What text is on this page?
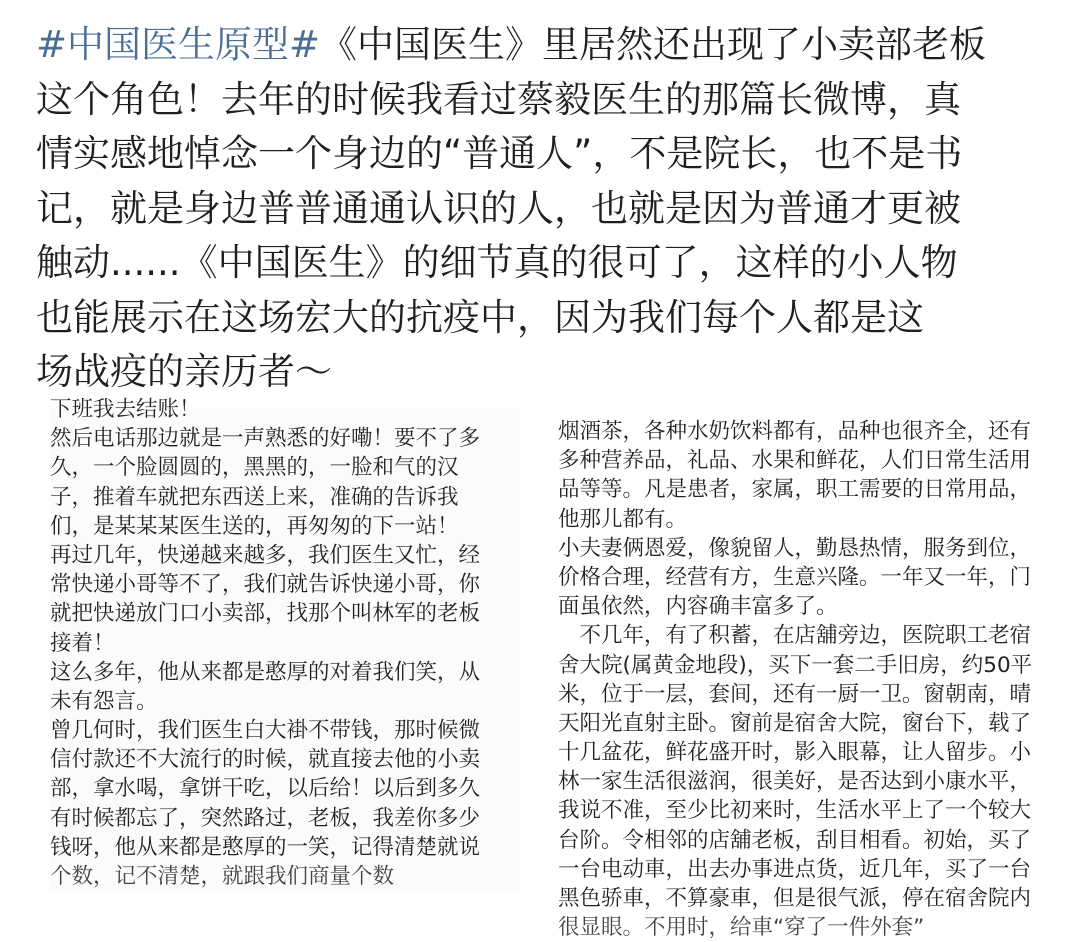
#中国医生原型#《中国医生》里居然还出现了小卖部老板
这个角色！去年的时候我看过蔡毅医生的那篇长微博，真
情实感地悼念一个身边的“普通人”，不是院长，也不是书
记，就是身边普普通通认识的人，也就是因为普通才更被
触动......《中国医生》的细节真的很可了，这样的小人物
也能展示在这场宏大的抗疫中，因为我们每个人都是这
场战疫的亲历者～
下班我去结账！
然后电话那边就是一声熟悉的好嘞！要不了多
久，一个脸圆圆的，黑黑的，一脸和气的汉
子，推着车就把东西送上来，准确的告诉我
们，是某某某医生送的，再匆匆的下一站！
再过几年，快递越来越多，我们医生又忙，经
常快递小哥等不了，我们就告诉快递小哥，你
就把快递放门口小卖部，找那个叫林军的老板
接着！
这么多年，他从来都是憨厚的对着我们笑，从
未有怨言。
曾几何时，我们医生白大褂不带钱，那时候微
信付款还不大流行的时候，就直接去他的小卖
部，拿水喝，拿饼干吃，以后给！以后到多久
有时候都忘了，突然路过，老板，我差你多少
钱呀，他从来都是憨厚的一笑，记得清楚就说
个数，记不清楚，就跟我们商量个数
烟酒茶，各种水奶饮料都有，品种也很齐全，还有
多种营养品，礼品、水果和鲜花，人们日常生活用
品等等。凡是患者，家属，职工需要的日常用品，
他那儿都有。
小夫妻俩恩爱，像貌留人，勤恳热情，服务到位，
价格合理，经营有方，生意兴隆。一年又一年，门
面虽依然，内容确丰富多了。
　不几年，有了积蓄，在店舖旁边，医院职工老宿
舍大院(属黄金地段)，买下一套二手旧房，约50平
米，位于一层，套间，还有一厨一卫。窗朝南，晴
天阳光直射主卧。窗前是宿舍大院，窗台下，载了
十几盆花，鲜花盛开时，影入眼幕，让人留步。小
林一家生活很滋润，很美好，是否达到小康水平，
我说不准，至少比初来时，生活水平上了一个较大
台阶。令相邻的店舖老板，刮目相看。初始，买了
一台电动車，出去办事进点货，近几年，买了一台
黑色骄車，不算豪車，但是很气派，停在宿舍院内
很显眼。不用时，给車“穿了一件外套”
